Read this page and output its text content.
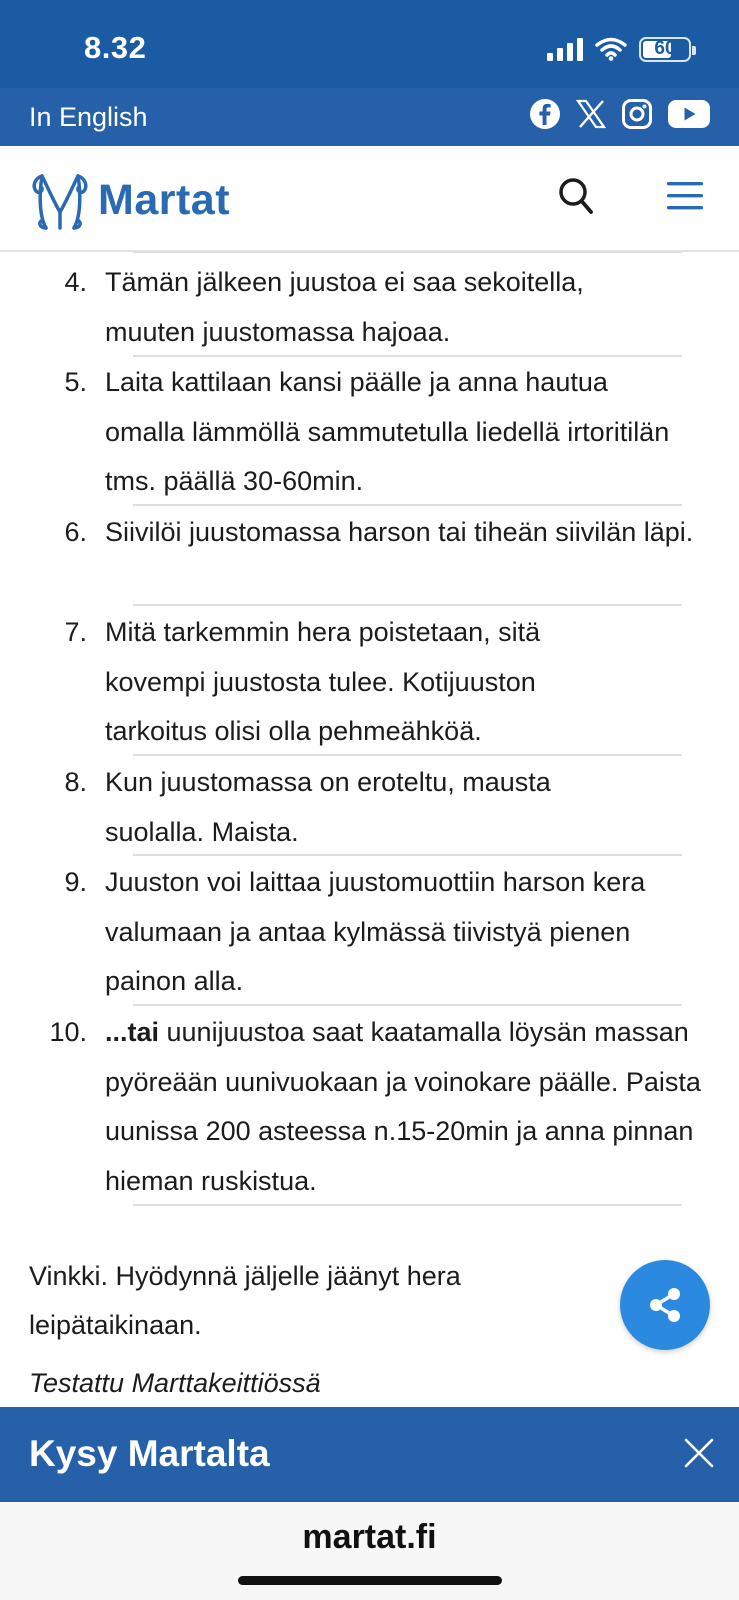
8.32	60
In English
Martat
4. Tämän jälkeen juustoa ei saa sekoitella, muuten juustomassa hajoaa.
5. Laita kattilaan kansi päälle ja anna hautua omalla lämmöllä sammutetulla liedellä irtoritilän tms. päällä 30-60min.
6. Siivilöi juustomassa harson tai tiheän siivilän läpi.
7. Mitä tarkemmin hera poistetaan, sitä kovempi juustosta tulee. Kotijuuston tarkoitus olisi olla pehmeähköä.
8. Kun juustomassa on eroteltu, mausta suolalla. Maista.
9. Juuston voi laittaa juustomuottiin harson kera valumaan ja antaa kylmässä tiivistyä pienen painon alla.
10. ...tai uunijuustoa saat kaatamalla löysän massan pyöreään uunivuokaan ja voinokare päälle. Paista uunissa 200 asteessa n.15-20min ja anna pinnan hieman ruskistua.
Vinkki. Hyödynnä jäljelle jäänyt hera leipätaikinaan.
Testattu Marttakeittiössä
Kysy Martalta
martat.fi
